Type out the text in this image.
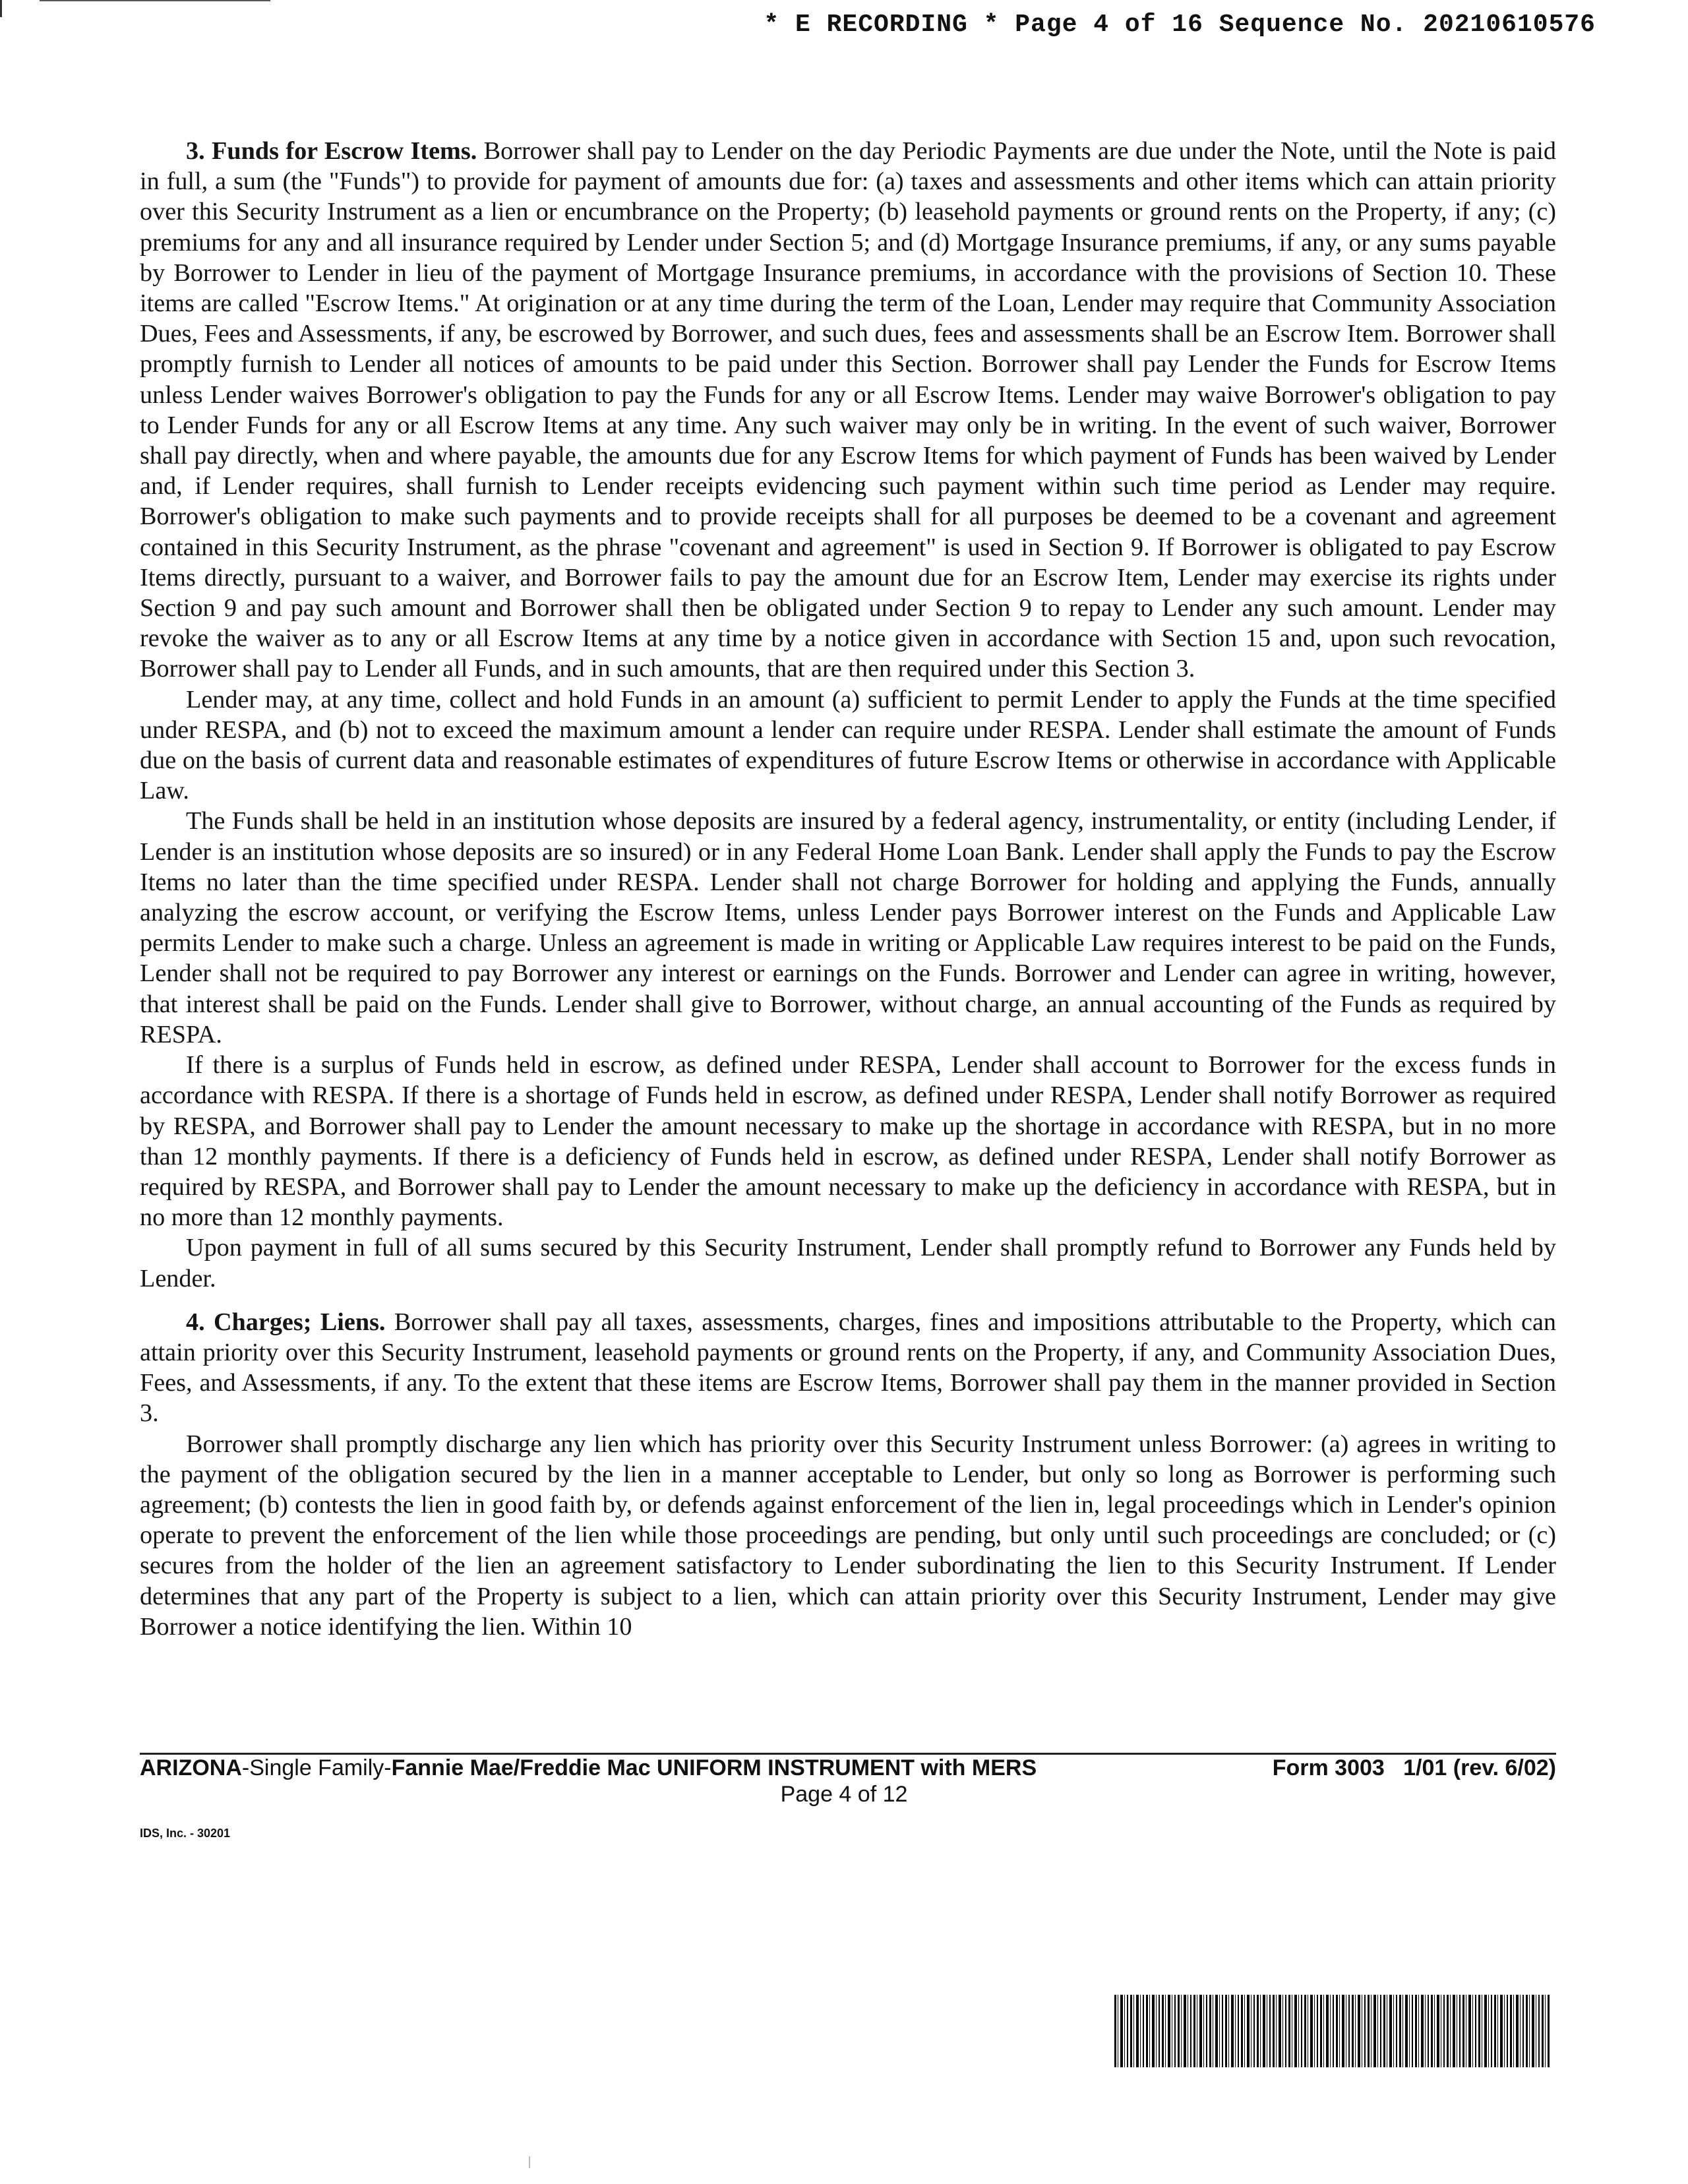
* E RECORDING * Page 4 of 16 Sequence No. 20210610576

3. Funds for Escrow Items. Borrower shall pay to Lender on the day Periodic Payments are due under the Note, until the Note is paid in full, a sum (the "Funds") to provide for payment of amounts due for: (a) taxes and assessments and other items which can attain priority over this Security Instrument as a lien or encumbrance on the Property; (b) leasehold payments or ground rents on the Property, if any; (c) premiums for any and all insurance required by Lender under Section 5; and (d) Mortgage Insurance premiums, if any, or any sums payable by Borrower to Lender in lieu of the payment of Mortgage Insurance premiums, in accordance with the provisions of Section 10. These items are called "Escrow Items." At origination or at any time during the term of the Loan, Lender may require that Community Association Dues, Fees and Assessments, if any, be escrowed by Borrower, and such dues, fees and assessments shall be an Escrow Item. Borrower shall promptly furnish to Lender all notices of amounts to be paid under this Section. Borrower shall pay Lender the Funds for Escrow Items unless Lender waives Borrower's obligation to pay the Funds for any or all Escrow Items. Lender may waive Borrower's obligation to pay to Lender Funds for any or all Escrow Items at any time. Any such waiver may only be in writing. In the event of such waiver, Borrower shall pay directly, when and where payable, the amounts due for any Escrow Items for which payment of Funds has been waived by Lender and, if Lender requires, shall furnish to Lender receipts evidencing such payment within such time period as Lender may require. Borrower's obligation to make such payments and to provide receipts shall for all purposes be deemed to be a covenant and agreement contained in this Security Instrument, as the phrase "covenant and agreement" is used in Section 9. If Borrower is obligated to pay Escrow Items directly, pursuant to a waiver, and Borrower fails to pay the amount due for an Escrow Item, Lender may exercise its rights under Section 9 and pay such amount and Borrower shall then be obligated under Section 9 to repay to Lender any such amount. Lender may revoke the waiver as to any or all Escrow Items at any time by a notice given in accordance with Section 15 and, upon such revocation, Borrower shall pay to Lender all Funds, and in such amounts, that are then required under this Section 3.

Lender may, at any time, collect and hold Funds in an amount (a) sufficient to permit Lender to apply the Funds at the time specified under RESPA, and (b) not to exceed the maximum amount a lender can require under RESPA. Lender shall estimate the amount of Funds due on the basis of current data and reasonable estimates of expenditures of future Escrow Items or otherwise in accordance with Applicable Law.

The Funds shall be held in an institution whose deposits are insured by a federal agency, instrumentality, or entity (including Lender, if Lender is an institution whose deposits are so insured) or in any Federal Home Loan Bank. Lender shall apply the Funds to pay the Escrow Items no later than the time specified under RESPA. Lender shall not charge Borrower for holding and applying the Funds, annually analyzing the escrow account, or verifying the Escrow Items, unless Lender pays Borrower interest on the Funds and Applicable Law permits Lender to make such a charge. Unless an agreement is made in writing or Applicable Law requires interest to be paid on the Funds, Lender shall not be required to pay Borrower any interest or earnings on the Funds. Borrower and Lender can agree in writing, however, that interest shall be paid on the Funds. Lender shall give to Borrower, without charge, an annual accounting of the Funds as required by RESPA.

If there is a surplus of Funds held in escrow, as defined under RESPA, Lender shall account to Borrower for the excess funds in accordance with RESPA. If there is a shortage of Funds held in escrow, as defined under RESPA, Lender shall notify Borrower as required by RESPA, and Borrower shall pay to Lender the amount necessary to make up the shortage in accordance with RESPA, but in no more than 12 monthly payments. If there is a deficiency of Funds held in escrow, as defined under RESPA, Lender shall notify Borrower as required by RESPA, and Borrower shall pay to Lender the amount necessary to make up the deficiency in accordance with RESPA, but in no more than 12 monthly payments.

Upon payment in full of all sums secured by this Security Instrument, Lender shall promptly refund to Borrower any Funds held by Lender.

4. Charges; Liens. Borrower shall pay all taxes, assessments, charges, fines and impositions attributable to the Property, which can attain priority over this Security Instrument, leasehold payments or ground rents on the Property, if any, and Community Association Dues, Fees, and Assessments, if any. To the extent that these items are Escrow Items, Borrower shall pay them in the manner provided in Section 3.

Borrower shall promptly discharge any lien which has priority over this Security Instrument unless Borrower: (a) agrees in writing to the payment of the obligation secured by the lien in a manner acceptable to Lender, but only so long as Borrower is performing such agreement; (b) contests the lien in good faith by, or defends against enforcement of the lien in, legal proceedings which in Lender's opinion operate to prevent the enforcement of the lien while those proceedings are pending, but only until such proceedings are concluded; or (c) secures from the holder of the lien an agreement satisfactory to Lender subordinating the lien to this Security Instrument. If Lender determines that any part of the Property is subject to a lien, which can attain priority over this Security Instrument, Lender may give Borrower a notice identifying the lien. Within 10

ARIZONA-Single Family-Fannie Mae/Freddie Mac UNIFORM INSTRUMENT with MERS	Form 3003   1/01 (rev. 6/02)
Page 4 of 12
IDS, Inc. - 30201
